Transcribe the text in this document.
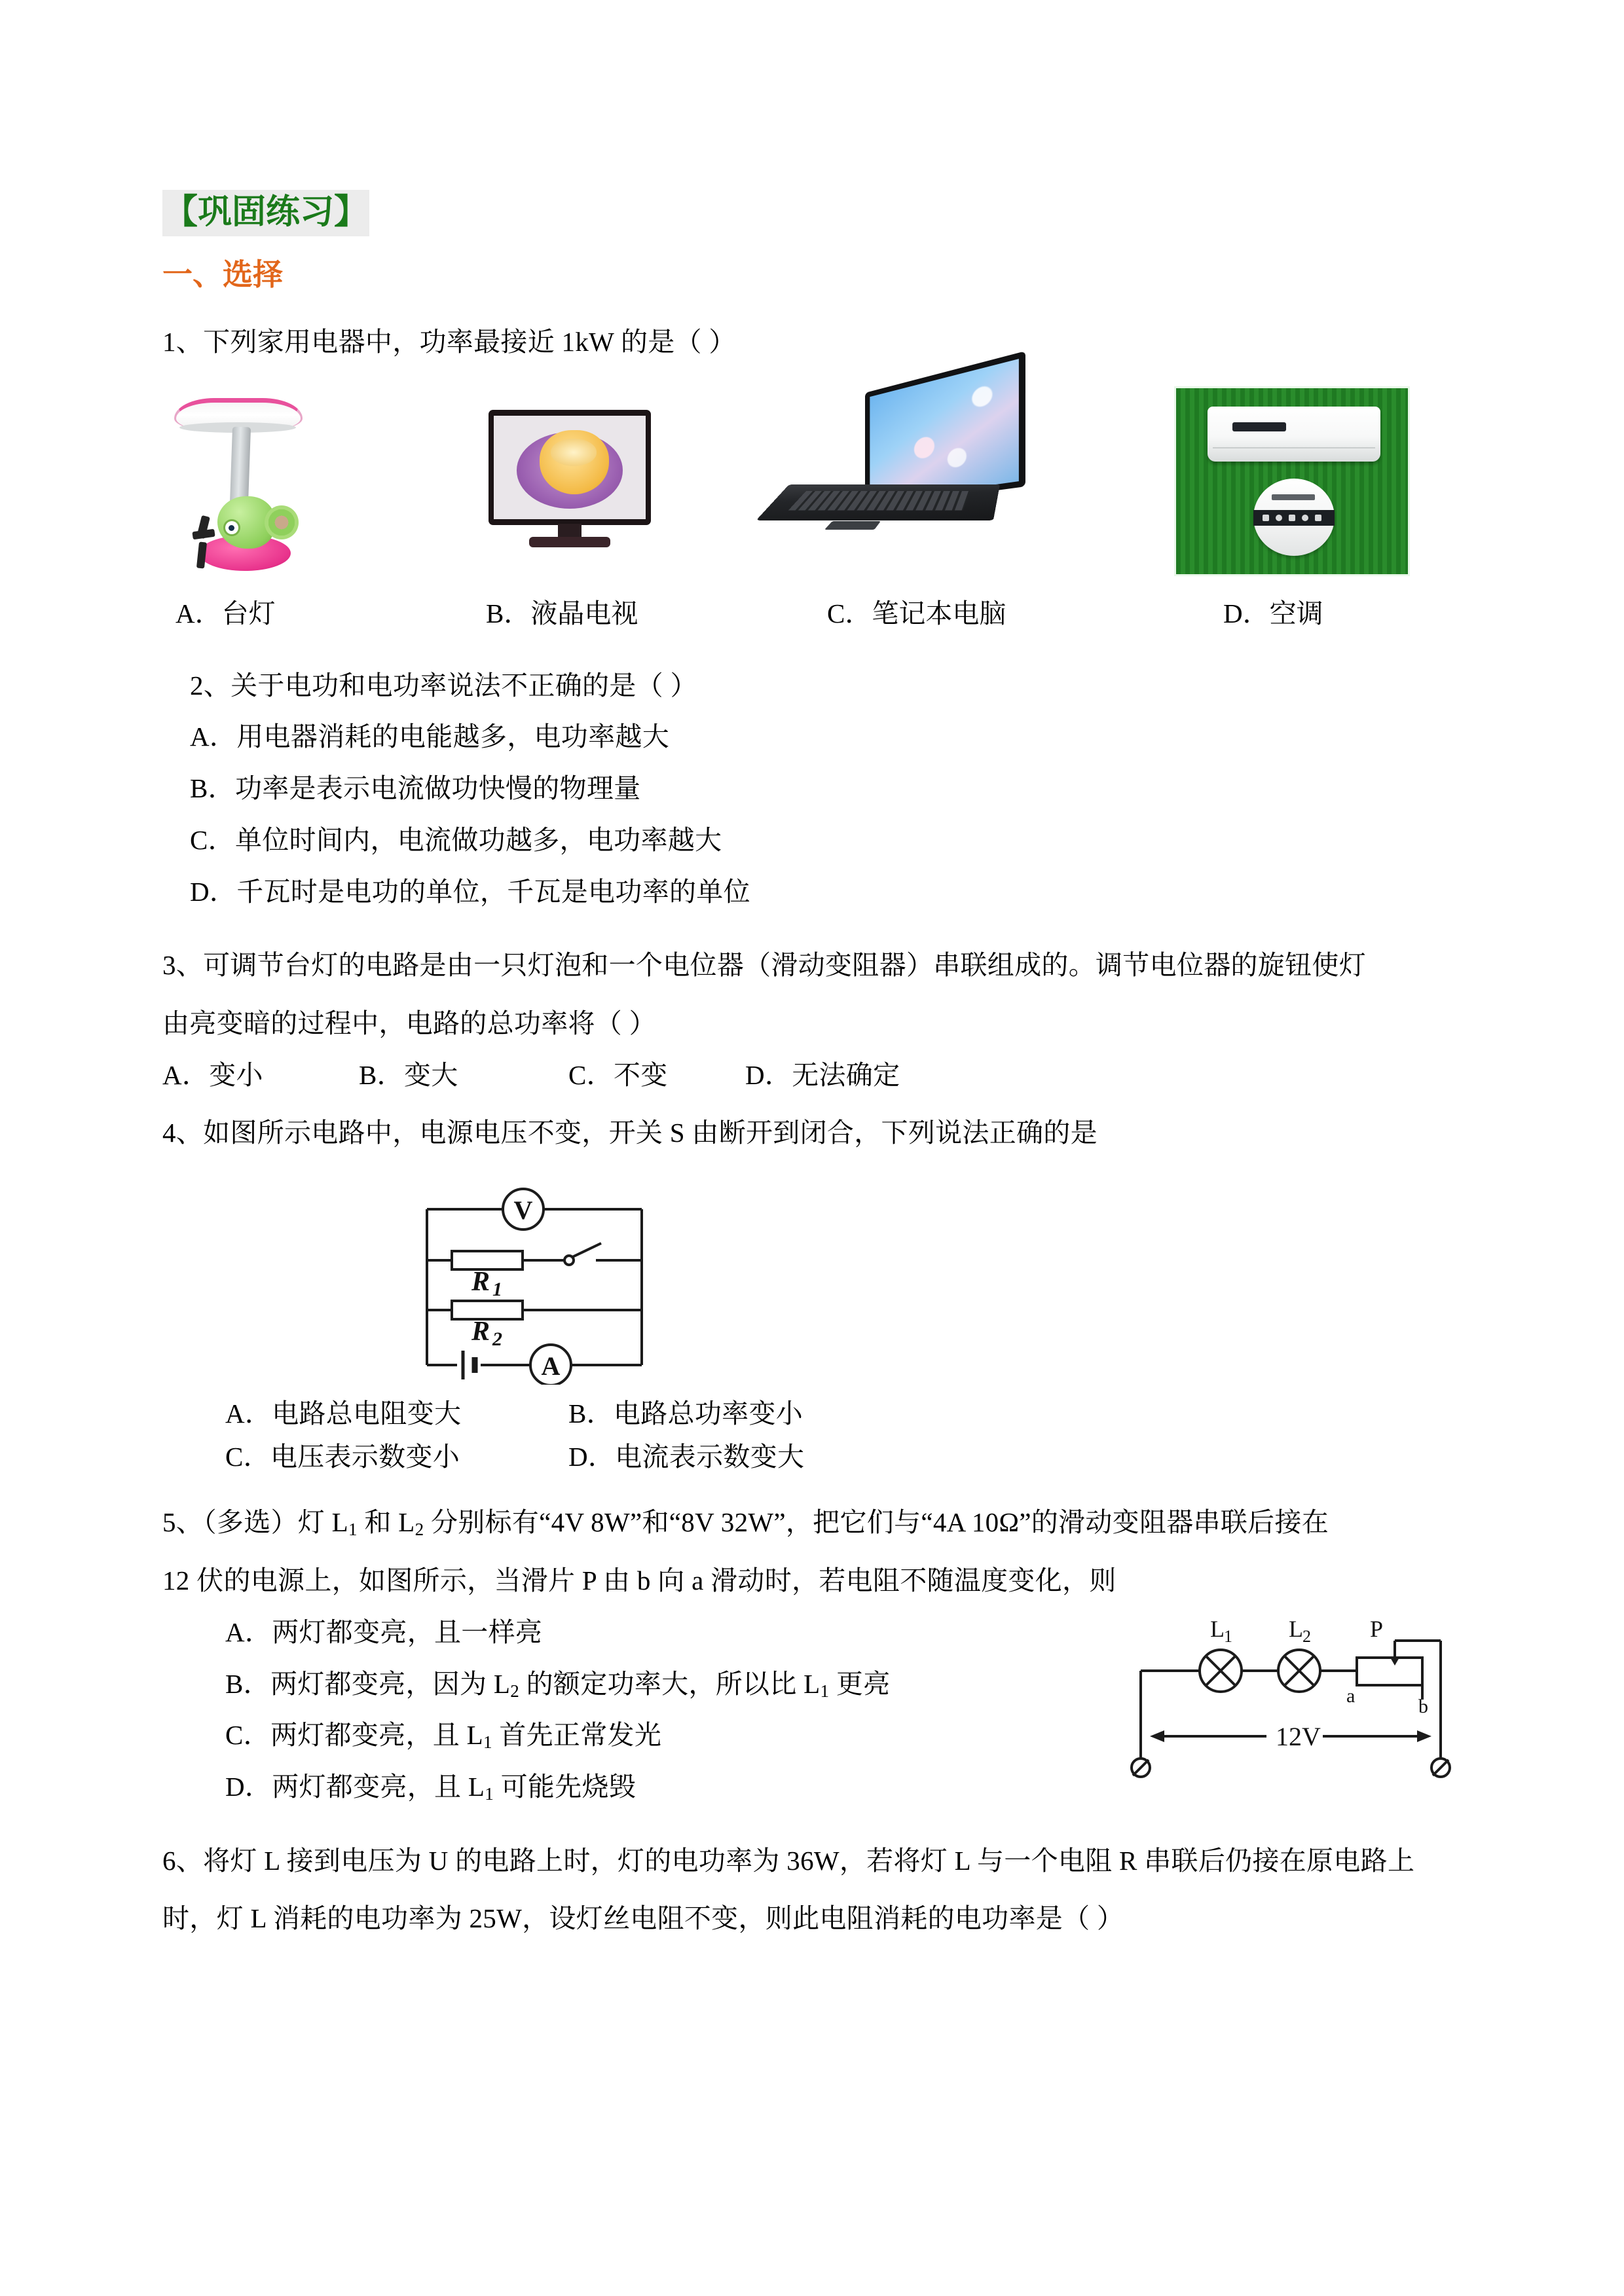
【巩固练习】
一、选择
1、下列家用电器中，功率最接近 1kW 的是（ ）
A．台灯	B．液晶电视	C．笔记本电脑	D．空调
2、关于电功和电功率说法不正确的是（ ）
A．用电器消耗的电能越多，电功率越大
B．功率是表示电流做功快慢的物理量
C．单位时间内，电流做功越多，电功率越大
D．千瓦时是电功的单位，千瓦是电功率的单位
3、可调节台灯的电路是由一只灯泡和一个电位器（滑动变阻器）串联组成的。调节电位器的旋钮使灯
由亮变暗的过程中，电路的总功率将（ ）
A．变小	B．变大	C．不变	D．无法确定
4、如图所示电路中，电源电压不变，开关 S 由断开到闭合，下列说法正确的是
V
A
R 1
R 2
A．电路总电阻变大	B．电路总功率变小
C．电压表示数变小	D．电流表示数变大
5、（多选）灯 $L_1$ 和 $L_2$ 分别标有“4V 8W”和“8V 32W”，把它们与“4A 10Ω”的滑动变阻器串联后接在
12 伏的电源上，如图所示，当滑片 P 由 b 向 a 滑动时，若电阻不随温度变化，则
L 1 L 2	P
a	b
12V
A．两灯都变亮，且一样亮
B．两灯都变亮，因为 $L_2$ 的额定功率大，所以比 $L_1$ 更亮
C．两灯都变亮，且 $L_1$ 首先正常发光
D．两灯都变亮，且 $L_1$ 可能先烧毁
6、将灯 L 接到电压为 U 的电路上时，灯的电功率为 36W，若将灯 L 与一个电阻 R 串联后仍接在原电路上
时，灯 L 消耗的电功率为 25W，设灯丝电阻不变，则此电阻消耗的电功率是（ ）
